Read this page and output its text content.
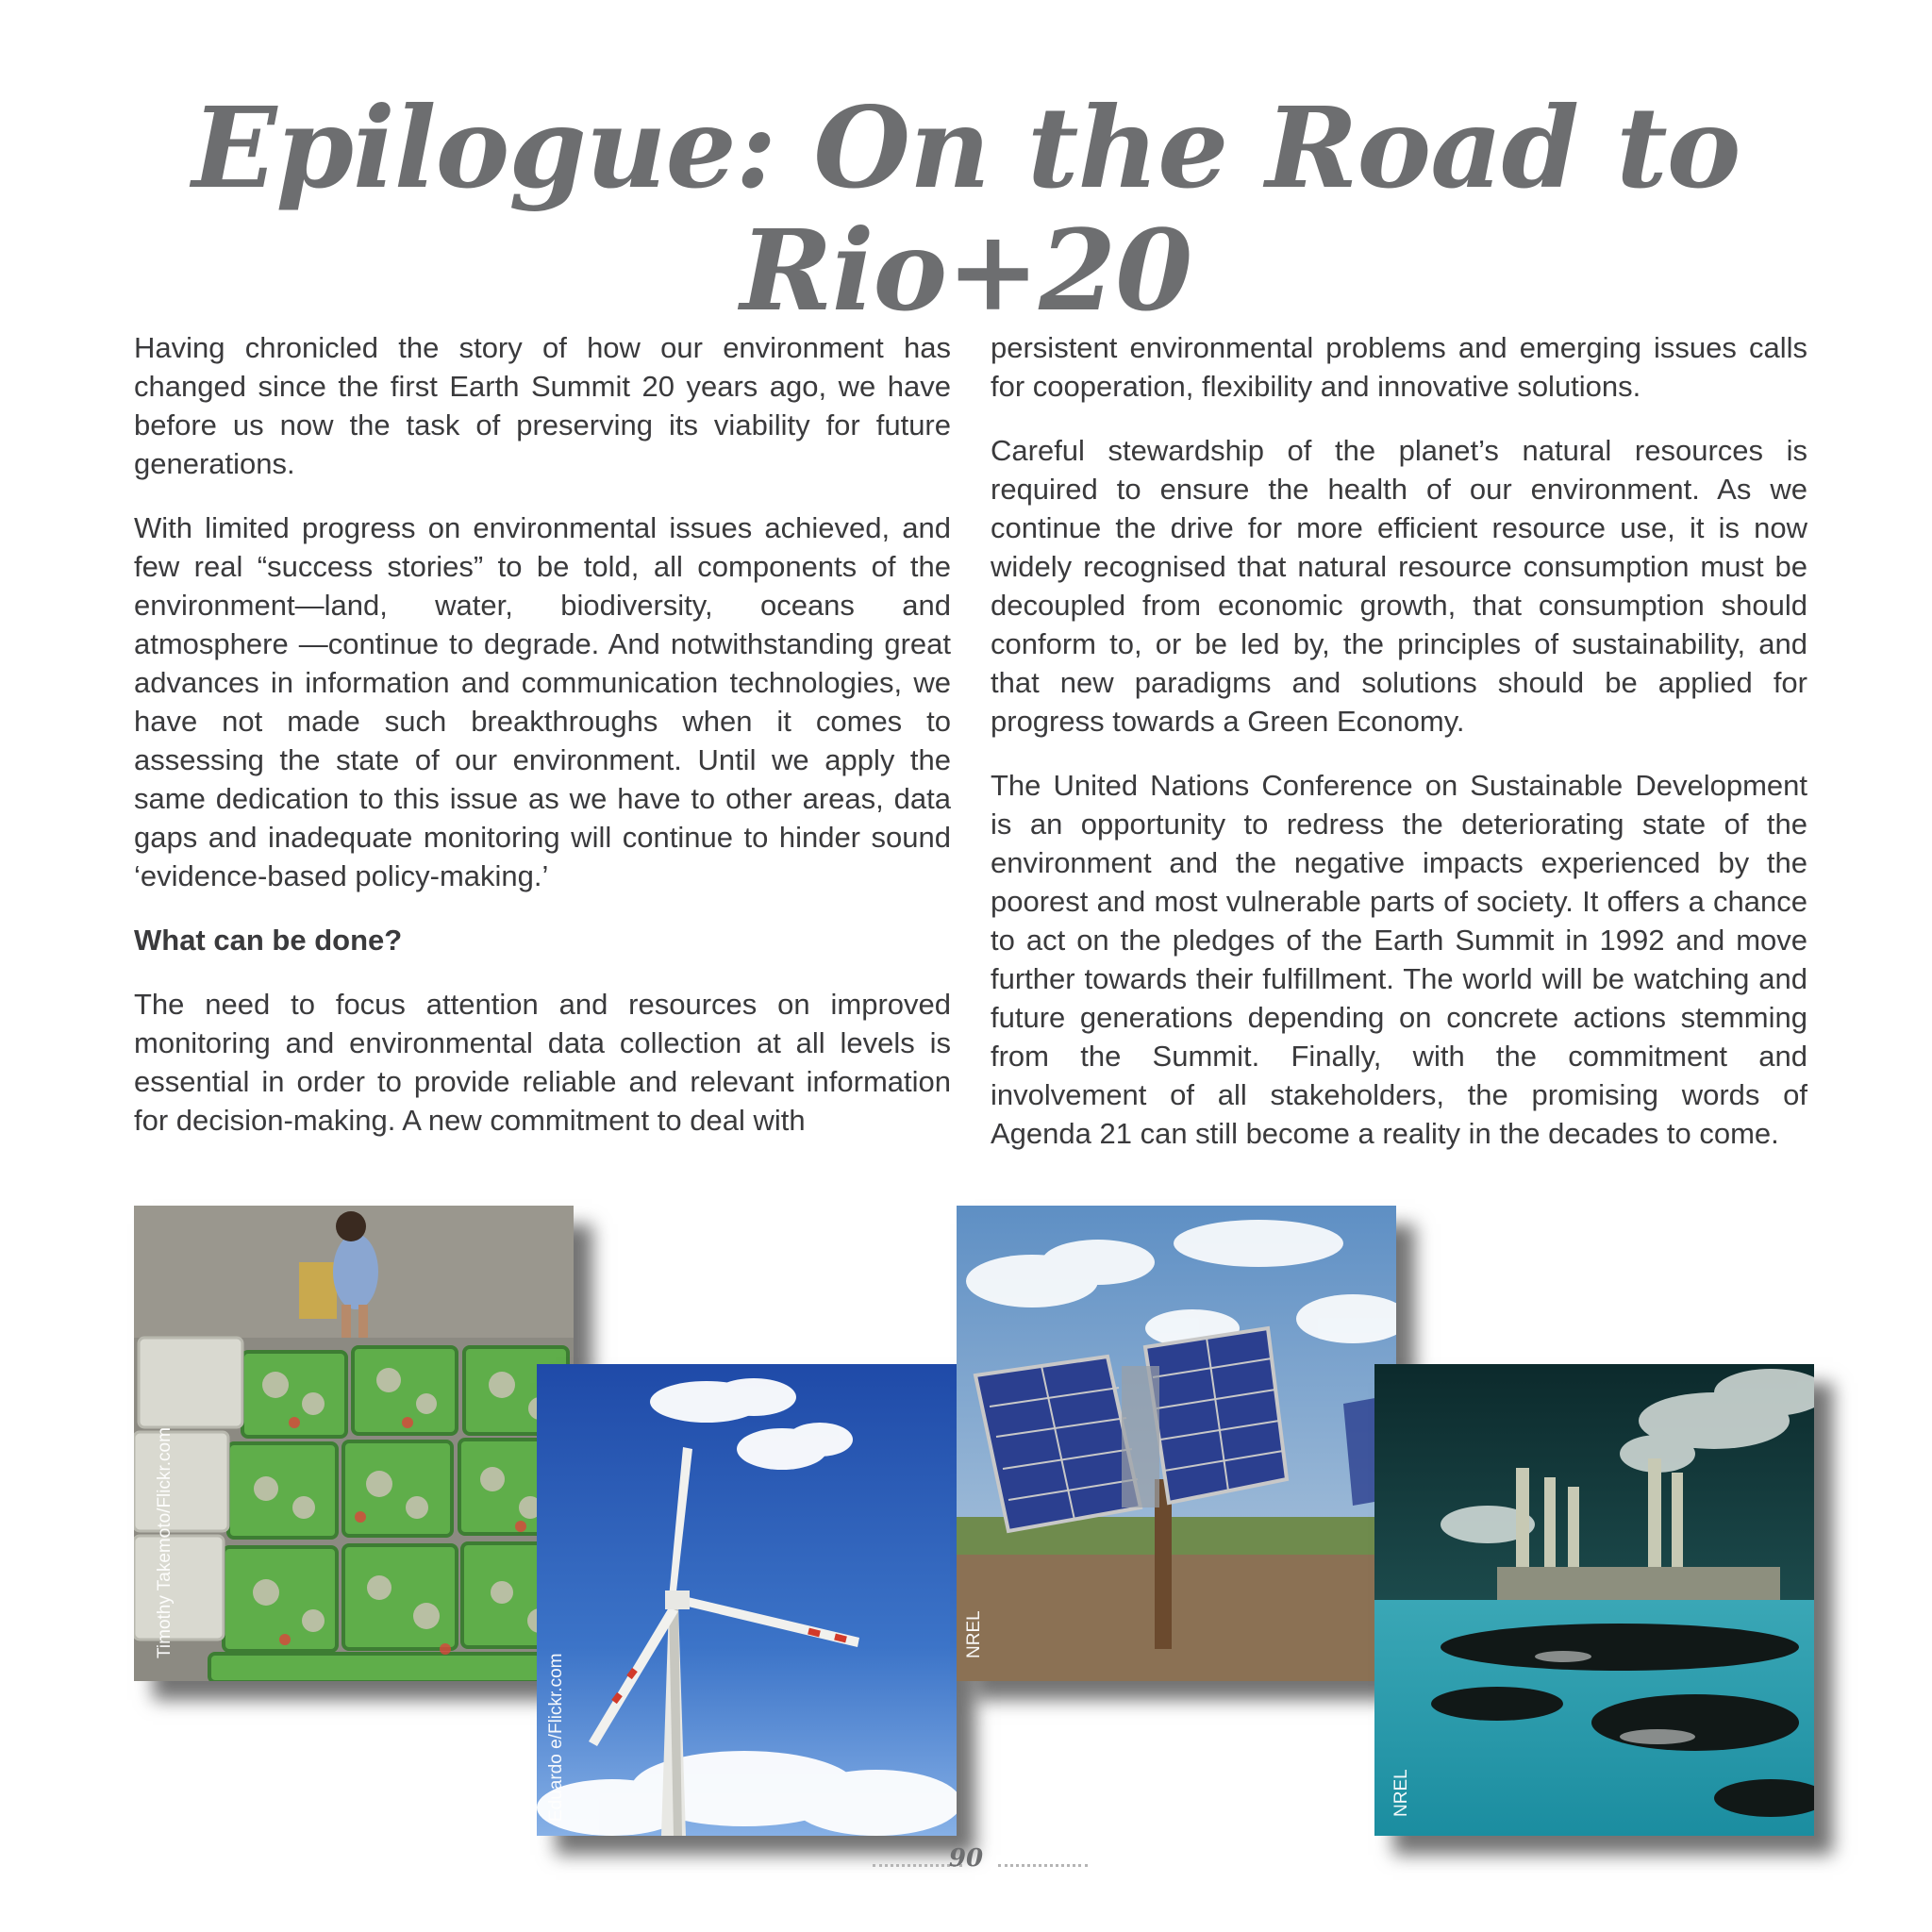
Epilogue: On the Road to Rio+20

Having chronicled the story of how our environment has changed since the first Earth Summit 20 years ago, we have before us now the task of preserving its viability for future generations.

With limited progress on environmental issues achieved, and few real “success stories” to be told, all components of the environment—land, water, biodiversity, oceans and atmosphere —continue to degrade. And notwithstanding great advances in information and communication technologies, we have not made such breakthroughs when it comes to assessing the state of our environment. Until we apply the same dedication to this issue as we have to other areas, data gaps and inadequate monitoring will continue to hinder sound ‘evidence-based policy-making.’

What can be done?

The need to focus attention and resources on improved monitoring and environmental data collection at all levels is essential in order to provide reliable and relevant information for decision-making. A new commitment to deal with

persistent environmental problems and emerging issues calls for cooperation, flexibility and innovative solutions.

Careful stewardship of the planet’s natural resources is required to ensure the health of our environment. As we continue the drive for more efficient resource use, it is now widely recognised that natural resource consumption must be decoupled from economic growth, that consumption should conform to, or be led by, the principles of sustainability, and that new paradigms and solutions should be applied for progress towards a Green Economy.

The United Nations Conference on Sustainable Development is an opportunity to redress the deteriorating state of the environment and the negative impacts experienced by the poorest and most vulnerable parts of society. It offers a chance to act on the pledges of the Earth Summit in 1992 and move further towards their fulfillment. The world will be watching and future generations depending on concrete actions stemming from the Summit. Finally, with the commitment and involvement of all stakeholders, the promising words of Agenda 21 can still become a reality in the decades to come.

Timothy Takemoto/Flickr.com
Eduardo e/Flickr.com
NREL
NREL
90
